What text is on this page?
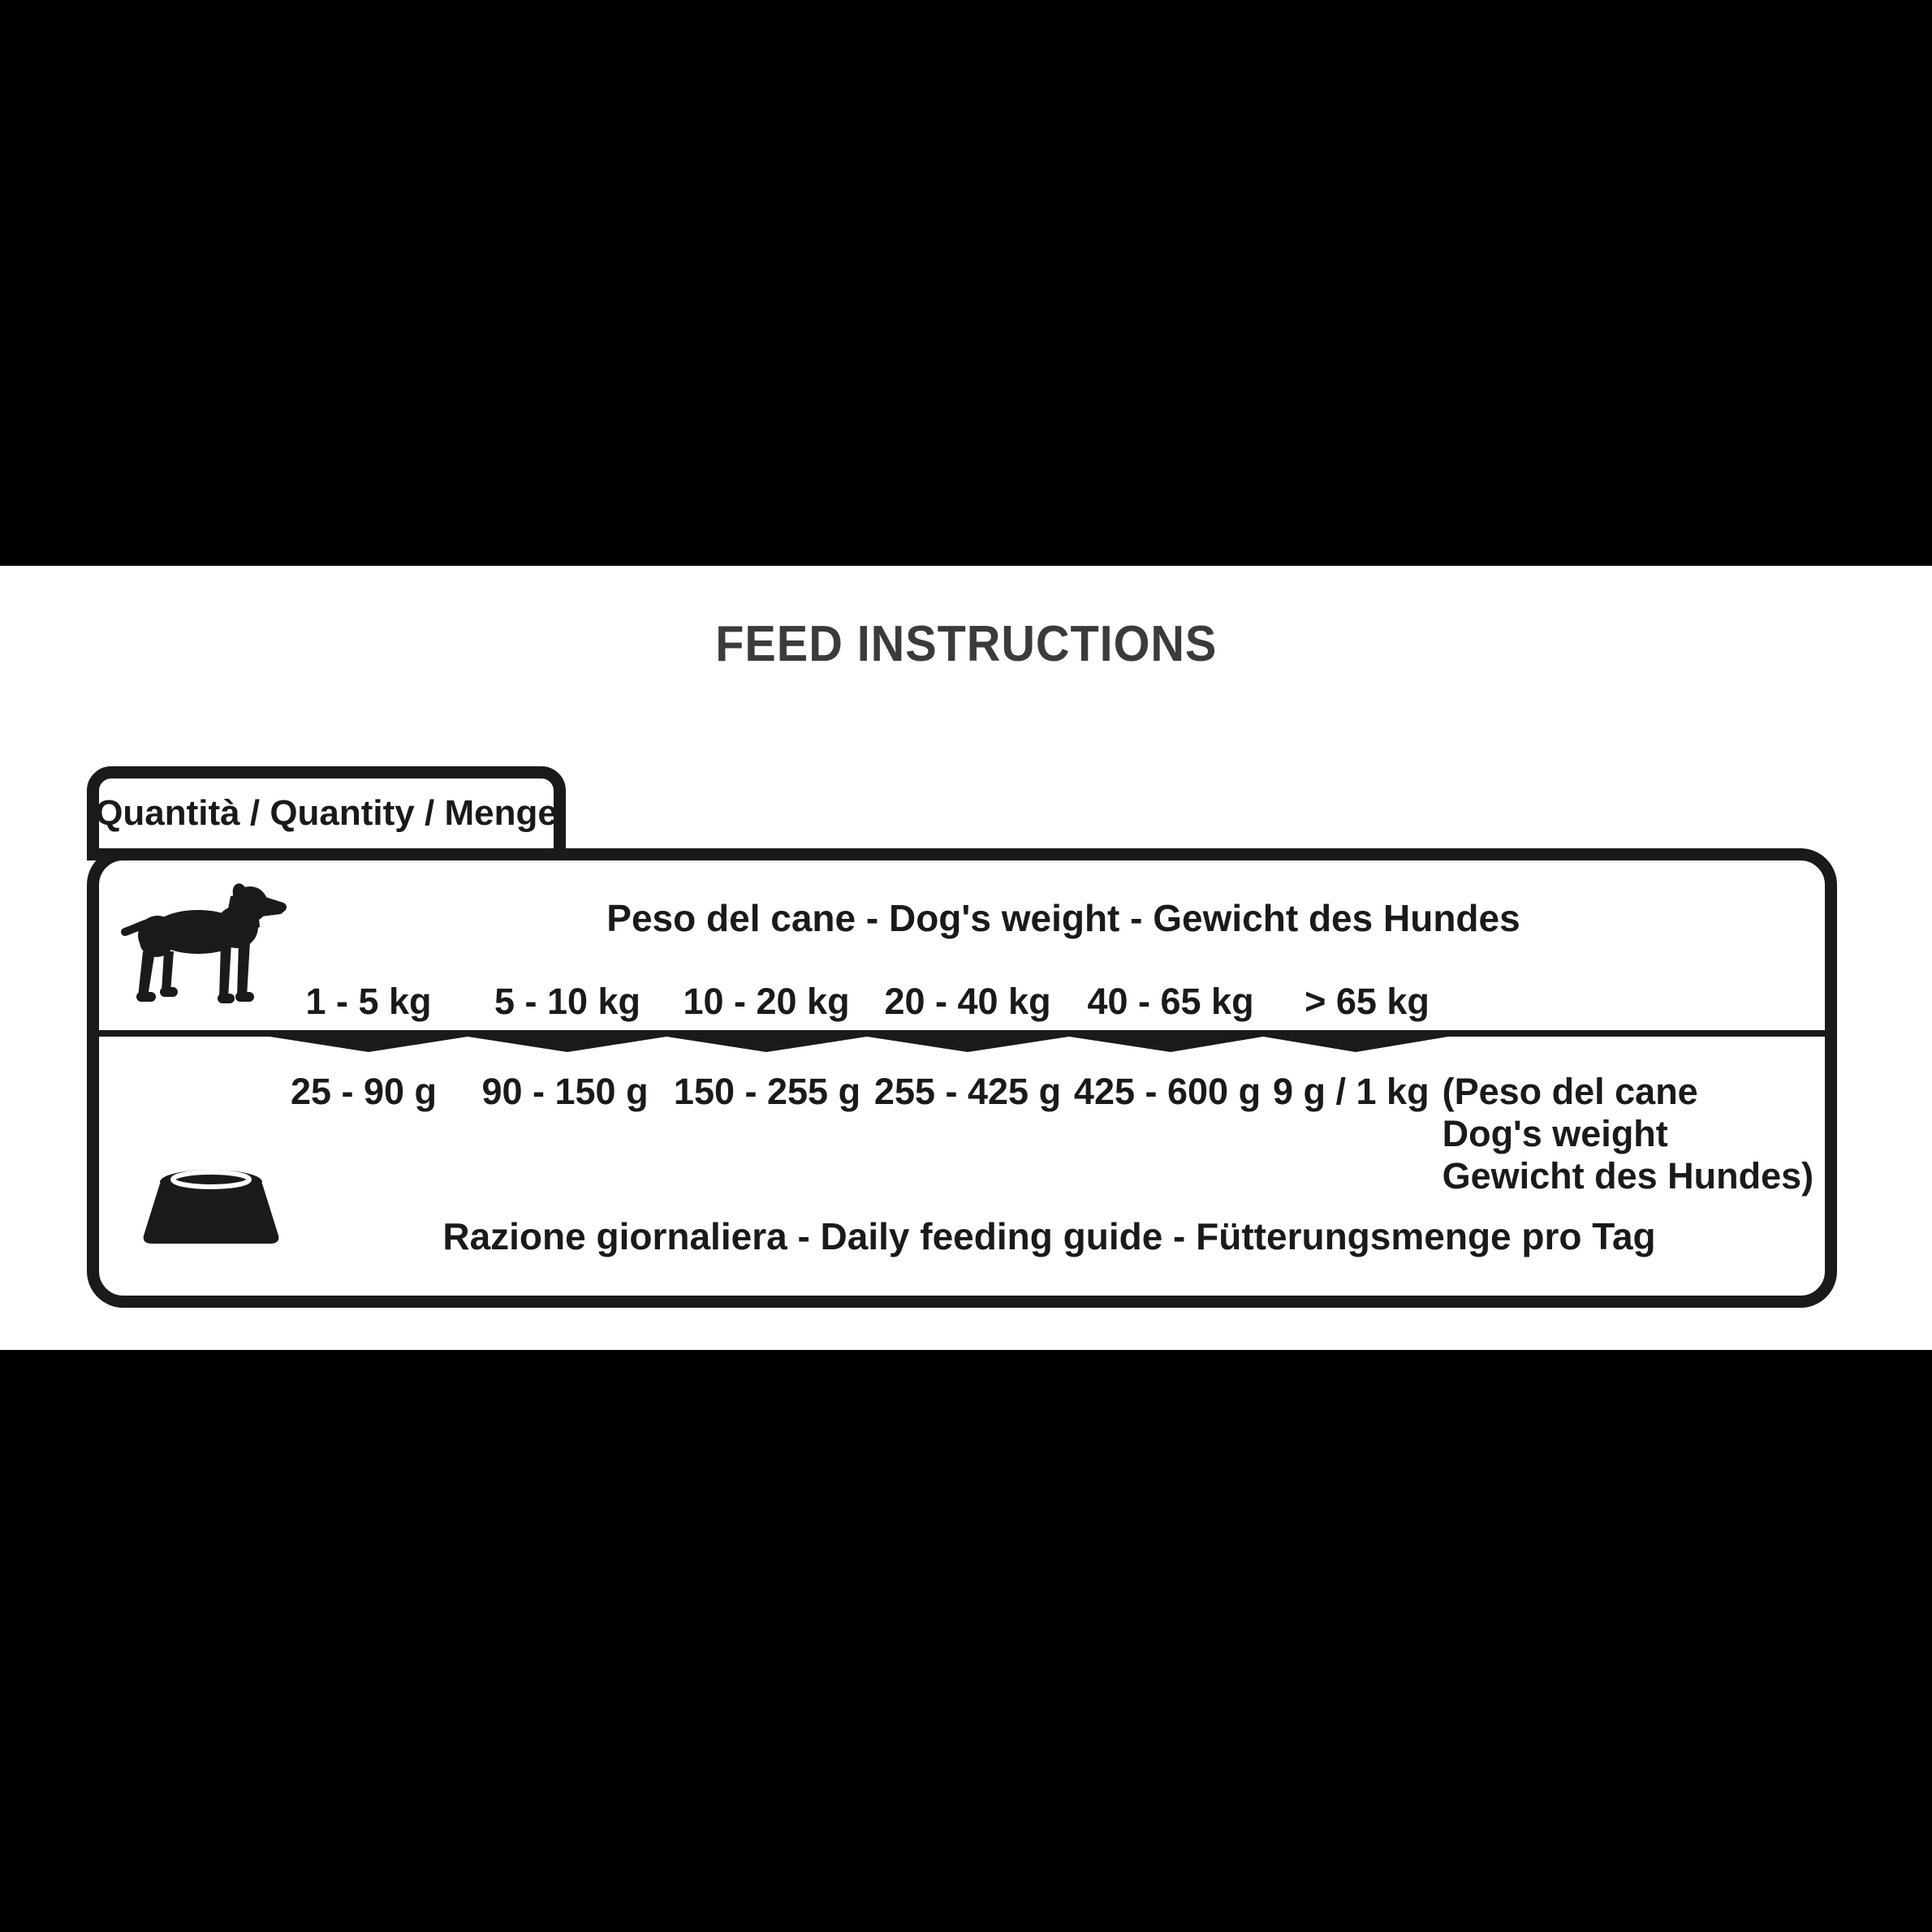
FEED INSTRUCTIONS
Peso del cane - Dog's weight - Gewicht des Hundes
1 - 5 kg 5 - 10 kg 10 - 20 kg 20 - 40 kg 40 - 65 kg > 65 kg
25 - 90 g 90 - 150 g 150 - 255 g 255 - 425 g 425 - 600 g 9 g / 1 kg (Peso del cane
Dog's weight
Gewicht des Hundes)
Razione giornaliera - Daily feeding guide - Fütterungsmenge pro Tag
Quantità / Quantity / Menge
